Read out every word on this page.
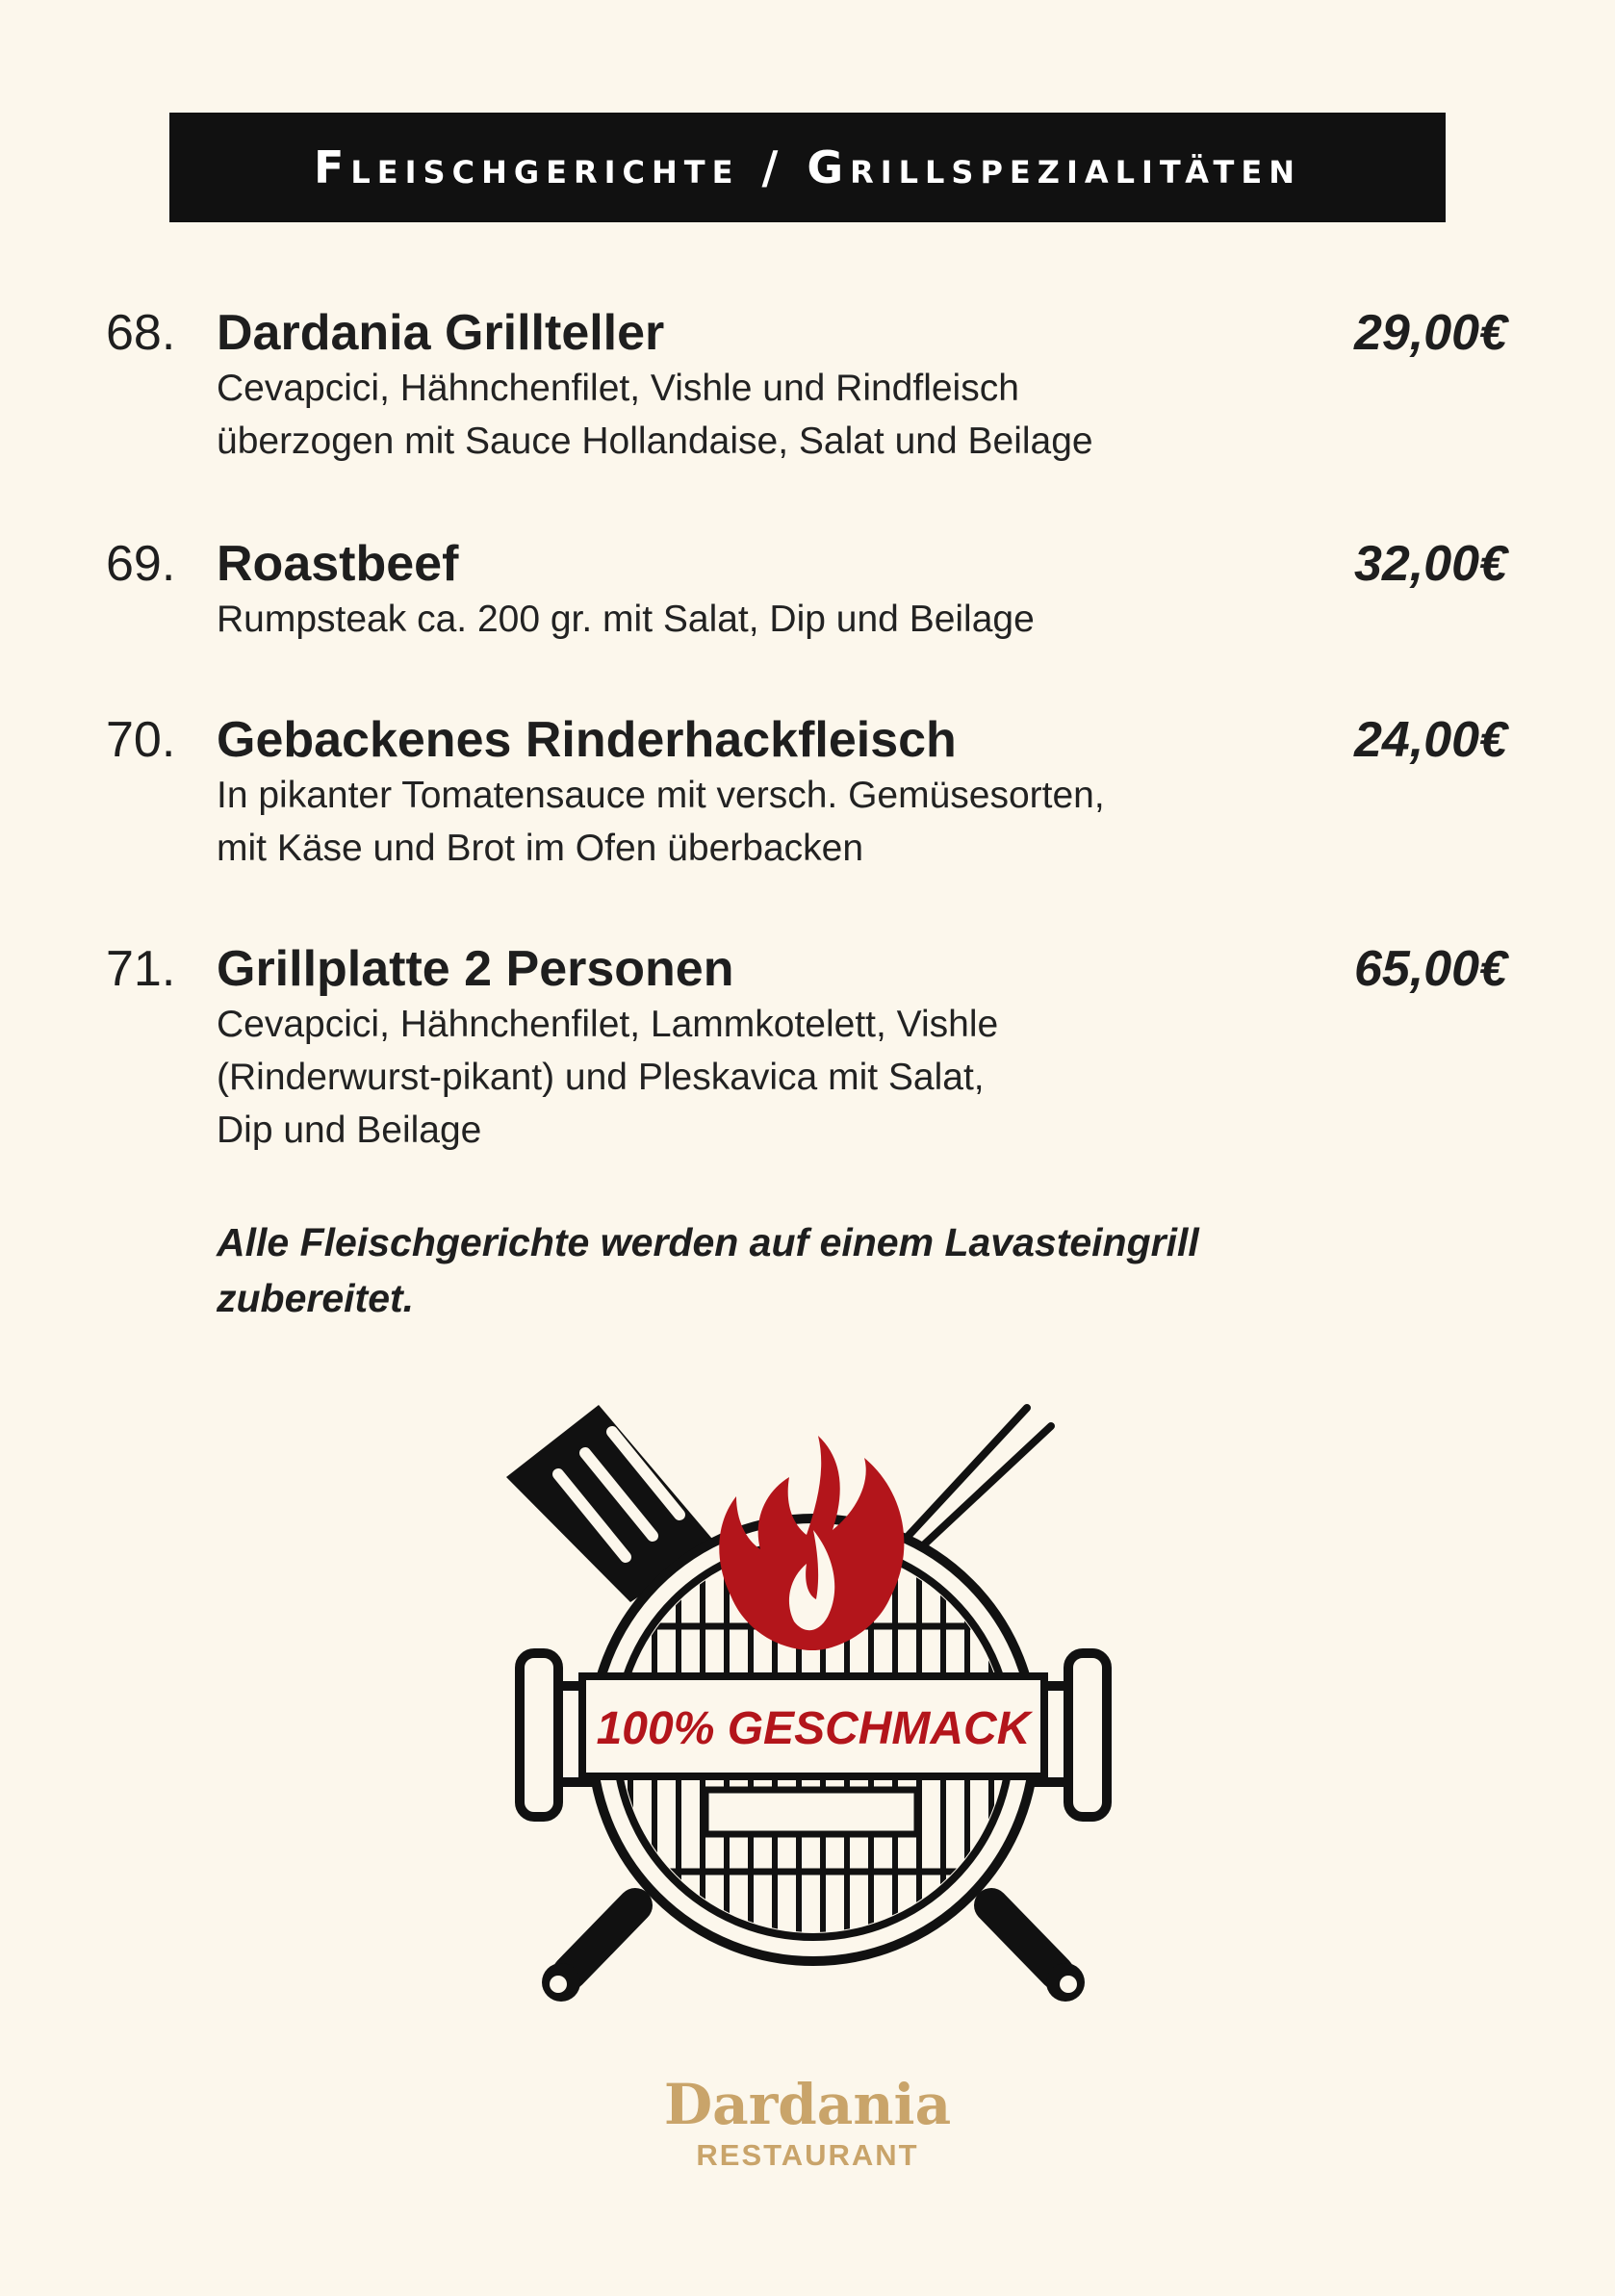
Fleischgerichte / Grillspezialitäten
68. Dardania Grillteller	29,00€
Cevapcici, Hähnchenfilet, Vishle und Rindfleisch
überzogen mit Sauce Hollandaise, Salat und Beilage
69. Roastbeef	32,00€
Rumpsteak ca. 200 gr. mit Salat, Dip und Beilage
70. Gebackenes Rinderhackfleisch	24,00€
In pikanter Tomatensauce mit versch. Gemüsesorten,
mit Käse und Brot im Ofen überbacken
71. Grillplatte 2 Personen	65,00€
Cevapcici, Hähnchenfilet, Lammkotelett, Vishle
(Rinderwurst-pikant) und Pleskavica mit Salat,
Dip und Beilage
Alle Fleischgerichte werden auf einem Lavasteingrill
zubereitet.
100% GESCHMACK
Dardania
RESTAURANT
